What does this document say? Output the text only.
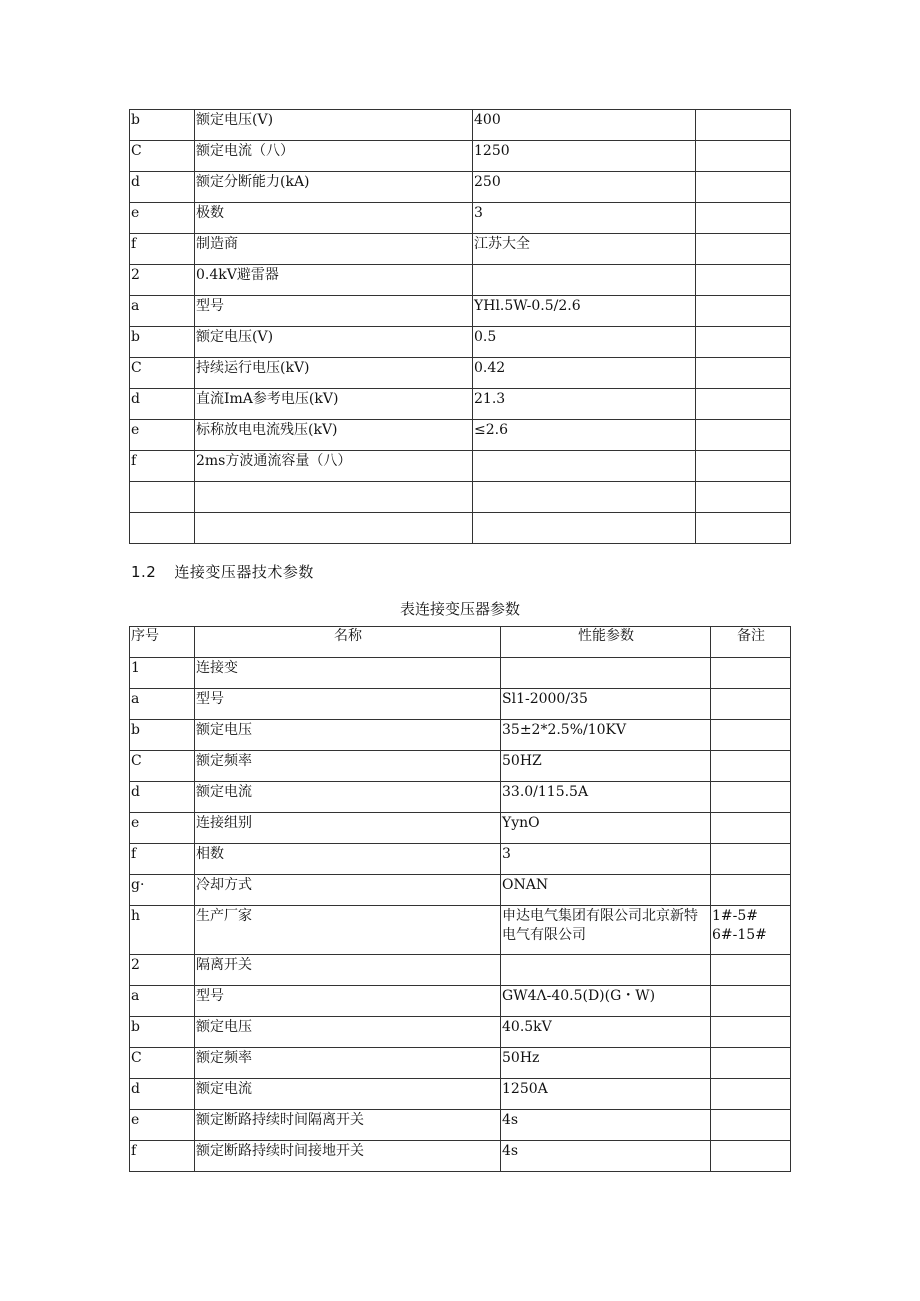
b	额定电压(V)	400	
C	额定电流（八）	1250	
d	额定分断能力(kA)	250	
e	极数	3	
f	制造商	江苏大全	
2	0.4kV避雷器		
a	型号	YHl.5W-0.5/2.6	
b	额定电压(V)	0.5	
C	持续运行电压(kV)	0.42	
d	直流ImA参考电压(kV)	21.3	
e	标称放电电流残压(kV)	≤2.6	
f	2ms方波通流容量（八）		

1.2 连接变压器技术参数
表连接变压器参数
序号	名称	性能参数	备注
1	连接变		
a	型号	Sl1-2000/35	
b	额定电压	35±2*2.5%/10KV	
C	额定频率	50HZ	
d	额定电流	33.0/115.5A	
e	连接组别	YynO	
f	相数	3	
g·	冷却方式	ONAN	
h	生产厂家	申达电气集团有限公司北京新特电气有限公司	1#-5# 6#-15#
2	隔离开关		
a	型号	GW4Λ-40.5(D)(G・W)	
b	额定电压	40.5kV	
C	额定频率	50Hz	
d	额定电流	1250A	
e	额定断路持续时间隔离开关	4s	
f	额定断路持续时间接地开关	4s	
